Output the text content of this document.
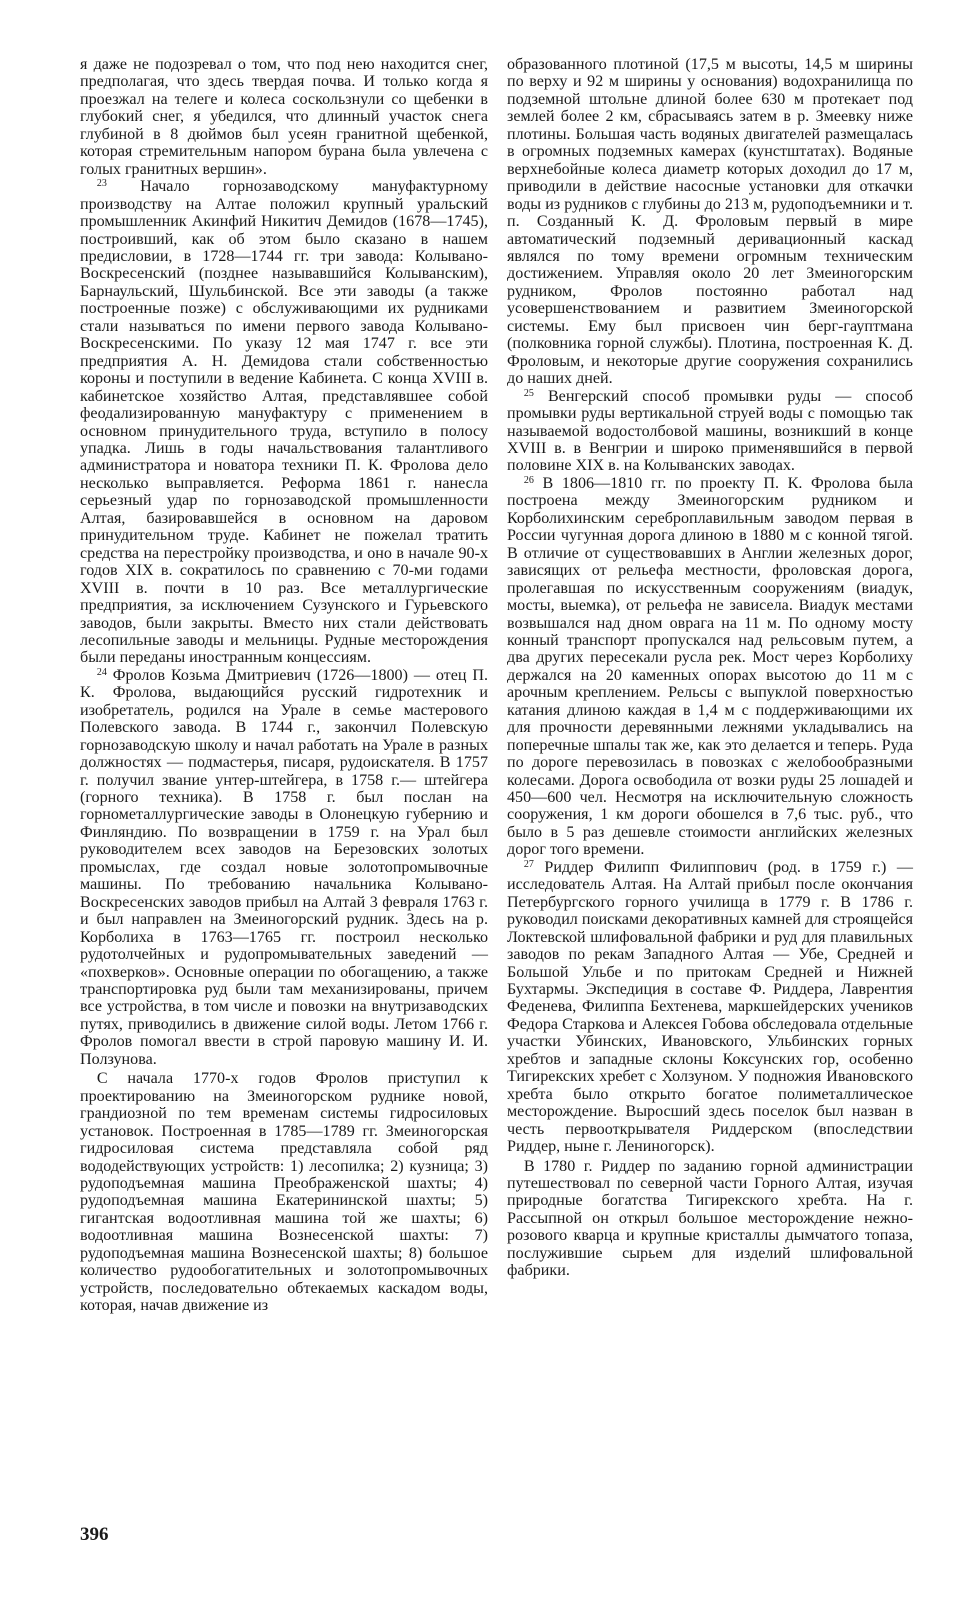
я даже не подозревал о том, что под нею находится снег, предполагая, что здесь твердая почва. И только когда я проезжал на телеге и колеса соскользнули со щебенки в глубокий снег, я убедился, что длинный участок снега глубиной в 8 дюймов был усеян гранитной щебенкой, которая стремительным напором бурана была увлечена с голых гранитных вершин».

$^{23}$ Начало горнозаводскому мануфактурному производству на Алтае положил крупный уральский промышленник Акинфий Никитич Демидов (1678—1745), построивший, как об этом было сказано в нашем предисловии, в 1728—1744 гг. три завода: Колывано-Воскресенский (позднее называвшийся Колыванским), Барнаульский, Шульбинской. Все эти заводы (а также построенные позже) с обслуживающими их рудниками стали называться по имени первого завода Колывано-Воскресенскими. По указу 12 мая 1747 г. все эти предприятия А. Н. Демидова стали собственностью короны и поступили в ведение Кабинета. С конца XVIII в. кабинетское хозяйство Алтая, представлявшее собой феодализированную мануфактуру с применением в основном принудительного труда, вступило в полосу упадка. Лишь в годы начальствования талантливого администратора и новатора техники П. К. Фролова дело несколько выправляется. Реформа 1861 г. нанесла серьезный удар по горнозаводской промышленности Алтая, базировавшейся в основном на даровом принудительном труде. Кабинет не пожелал тратить средства на перестройку производства, и оно в начале 90-х годов XIX в. сократилось по сравнению с 70-ми годами XVIII в. почти в 10 раз. Все металлургические предприятия, за исключением Сузунского и Гурьевского заводов, были закрыты. Вместо них стали действовать лесопильные заводы и мельницы. Рудные месторождения были переданы иностранным концессиям.

$^{24}$ Фролов Козьма Дмитриевич (1726—1800) — отец П. К. Фролова, выдающийся русский гидротехник и изобретатель, родился на Урале в семье мастерового Полевского завода. В 1744 г., закончил Полевскую горнозаводскую школу и начал работать на Урале в разных должностях — подмастерья, писаря, рудоискателя. В 1757 г. получил звание унтер-штейгера, в 1758 г.— штейгера (горного техника). В 1758 г. был послан на горнометаллургические заводы в Олонецкую губернию и Финляндию. По возвращении в 1759 г. на Урал был руководителем всех заводов на Березовских золотых промыслах, где создал новые золотопромывочные машины. По требованию начальника Колывано-Воскресенских заводов прибыл на Алтай 3 февраля 1763 г. и был направлен на Змеиногорский рудник. Здесь на р. Корболиха в 1763—1765 гг. построил несколько рудотолчейных и рудопромывательных заведений — «похверков». Основные операции по обогащению, а также транспортировка руд были там механизированы, причем все устройства, в том числе и повозки на внутризаводских путях, приводились в движение силой воды. Летом 1766 г. Фролов помогал ввести в строй паровую машину И. И. Ползунова.

С начала 1770-х годов Фролов приступил к проектированию на Змеиногорском руднике новой, грандиозной по тем временам системы гидросиловых установок. Построенная в 1785—1789 гг. Змеиногорская гидросиловая система представляла собой ряд вододействующих устройств: 1) лесопилка; 2) кузница; 3) рудоподъемная машина Преображенской шахты; 4) рудоподъемная машина Екатерининской шахты; 5) гигантская водоотливная машина той же шахты; 6) водоотливная машина Вознесенской шахты: 7) рудоподъемная машина Вознесенской шахты; 8) большое количество рудообогатительных и золотопромывочных устройств, последовательно обтекаемых каскадом воды, которая, начав движение из

образованного плотиной (17,5 м высоты, 14,5 м ширины по верху и 92 м ширины у основания) водохранилища по подземной штольне длиной более 630 м протекает под землей более 2 км, сбрасываясь затем в р. Змеевку ниже плотины. Большая часть водяных двигателей размещалась в огромных подземных камерах (кунстштатах). Водяные верхнебойные колеса диаметр которых доходил до 17 м, приводили в действие насосные установки для откачки воды из рудников с глубины до 213 м, рудоподъемники и т. п. Созданный К. Д. Фроловым первый в мире автоматический подземный деривационный каскад являлся по тому времени огромным техническим достижением. Управляя около 20 лет Змеиногорским рудником, Фролов постоянно работал над усовершенствованием и развитием Змеиногорской системы. Ему был присвоен чин берг-гауптмана (полковника горной службы). Плотина, построенная К. Д. Фроловым, и некоторые другие сооружения сохранились до наших дней.

$^{25}$ Венгерский способ промывки руды — способ промывки руды вертикальной струей воды с помощью так называемой водостолбовой машины, возникший в конце XVIII в. в Венгрии и широко применявшийся в первой половине XIX в. на Колыванских заводах.

$^{26}$ В 1806—1810 гг. по проекту П. К. Фролова была построена между Змеиногорским рудником и Корболихинским сереброплавильным заводом первая в России чугунная дорога длиною в 1880 м с конной тягой. В отличие от существовавших в Англии железных дорог, зависящих от рельефа местности, фроловская дорога, пролегавшая по искусственным сооружениям (виадук, мосты, выемка), от рельефа не зависела. Виадук местами возвышался над дном оврага на 11 м. По одному мосту конный транспорт пропускался над рельсовым путем, а два других пересекали русла рек. Мост через Корболиху держался на 20 каменных опорах высотою до 11 м с арочным креплением. Рельсы с выпуклой поверхностью катания длиною каждая в 1,4 м с поддерживающими их для прочности деревянными лежнями укладывались на поперечные шпалы так же, как это делается и теперь. Руда по дороге перевозилась в повозках с желобообразными колесами. Дорога освободила от возки руды 25 лошадей и 450—600 чел. Несмотря на исключительную сложность сооружения, 1 км дороги обошелся в 7,6 тыс. руб., что было в 5 раз дешевле стоимости английских железных дорог того времени.

$^{27}$ Риддер Филипп Филиппович (род. в 1759 г.) — исследователь Алтая. На Алтай прибыл после окончания Петербургского горного училища в 1779 г. В 1786 г. руководил поисками декоративных камней для строящейся Локтевской шлифовальной фабрики и руд для плавильных заводов по рекам Западного Алтая — Убе, Средней и Большой Ульбе и по притокам Средней и Нижней Бухтармы. Экспедиция в составе Ф. Риддера, Лаврентия Феденева, Филиппа Бехтенева, маркшейдерских учеников Федора Старкова и Алексея Гобова обследовала отдельные участки Убинских, Ивановского, Ульбинских горных хребтов и западные склоны Коксунских гор, особенно Тигирекских хребет с Холзуном. У подножия Ивановского хребта было открыто богатое полиметаллическое месторождение. Выросший здесь поселок был назван в честь первооткрывателя Риддерском (впоследствии Риддер, ныне г. Лениногорск).

В 1780 г. Риддер по заданию горной администрации путешествовал по северной части Горного Алтая, изучая природные богатства Тигирекского хребта. На г. Рассыпной он открыл большое месторождение нежно-розового кварца и крупные кристаллы дымчатого топаза, послужившие сырьем для изделий шлифовальной фабрики.

396
